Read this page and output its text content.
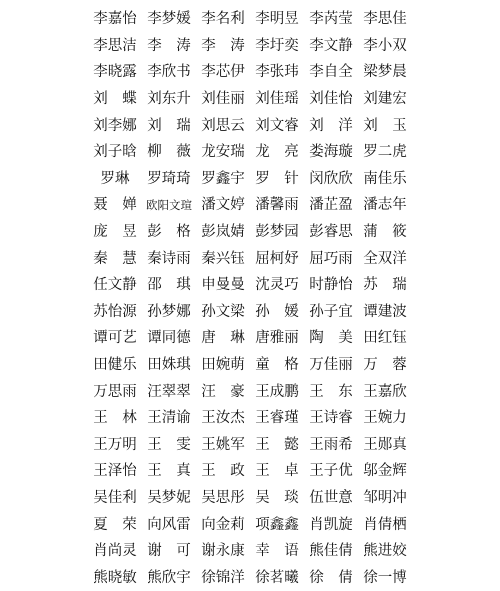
李嘉怡 李梦媛 李名利 李明昱 李芮莹 李思佳
李思洁 李　涛 李　涛 李圩奕 李文静 李小双
李晓露 李欣书 李芯伊 李张玮 李自全 梁梦晨
刘　蝶 刘东升 刘佳丽 刘佳瑶 刘佳怡 刘建宏
刘李娜 刘　瑞 刘思云 刘文睿 刘　洋 刘　玉
刘子晗 柳　薇 龙安瑞 龙　亮 娄海璇 罗二虎
罗琳	罗琦琦 罗鑫宇 罗　针 闵欣欣 南佳乐
聂　婵 欧阳文瑄 潘文婷 潘馨雨 潘芷盈 潘志年
庞　昱 彭　格 彭岚婧 彭梦园 彭睿思 蒲　筱
秦　慧 秦诗雨 秦兴钰 屈柯妤 屈巧雨 全双洋
任文静 邵　琪 申曼曼 沈灵巧 时静怡 苏　瑞
苏怡源 孙梦娜 孙文梁 孙　媛 孙子宜 谭建波
谭可艺 谭同德 唐　琳 唐雅丽 陶　美 田红钰
田健乐 田姝琪 田婉萌 童　格 万佳丽 万　蓉
万思雨 汪翠翠 汪　豪 王成鹏 王　东 王嘉欣
王　林 王清谕 王汝杰 王睿瑾 王诗睿 王婉力
王万明 王　雯 王姚军 王　懿 王雨希 王郧真
王泽怡 王　真 王　政 王　卓 王子优 邬金辉
吴佳利 吴梦妮 吴思彤 吴　琰 伍世意 邹明冲
夏　荣 向风雷 向金莉 项鑫鑫 肖凯旋 肖倩栖
肖尚灵 谢　可 谢永康 幸　语 熊佳倩 熊进姣
熊晓敏 熊欣宇 徐锦洋 徐茗曦 徐　倩 徐一博
